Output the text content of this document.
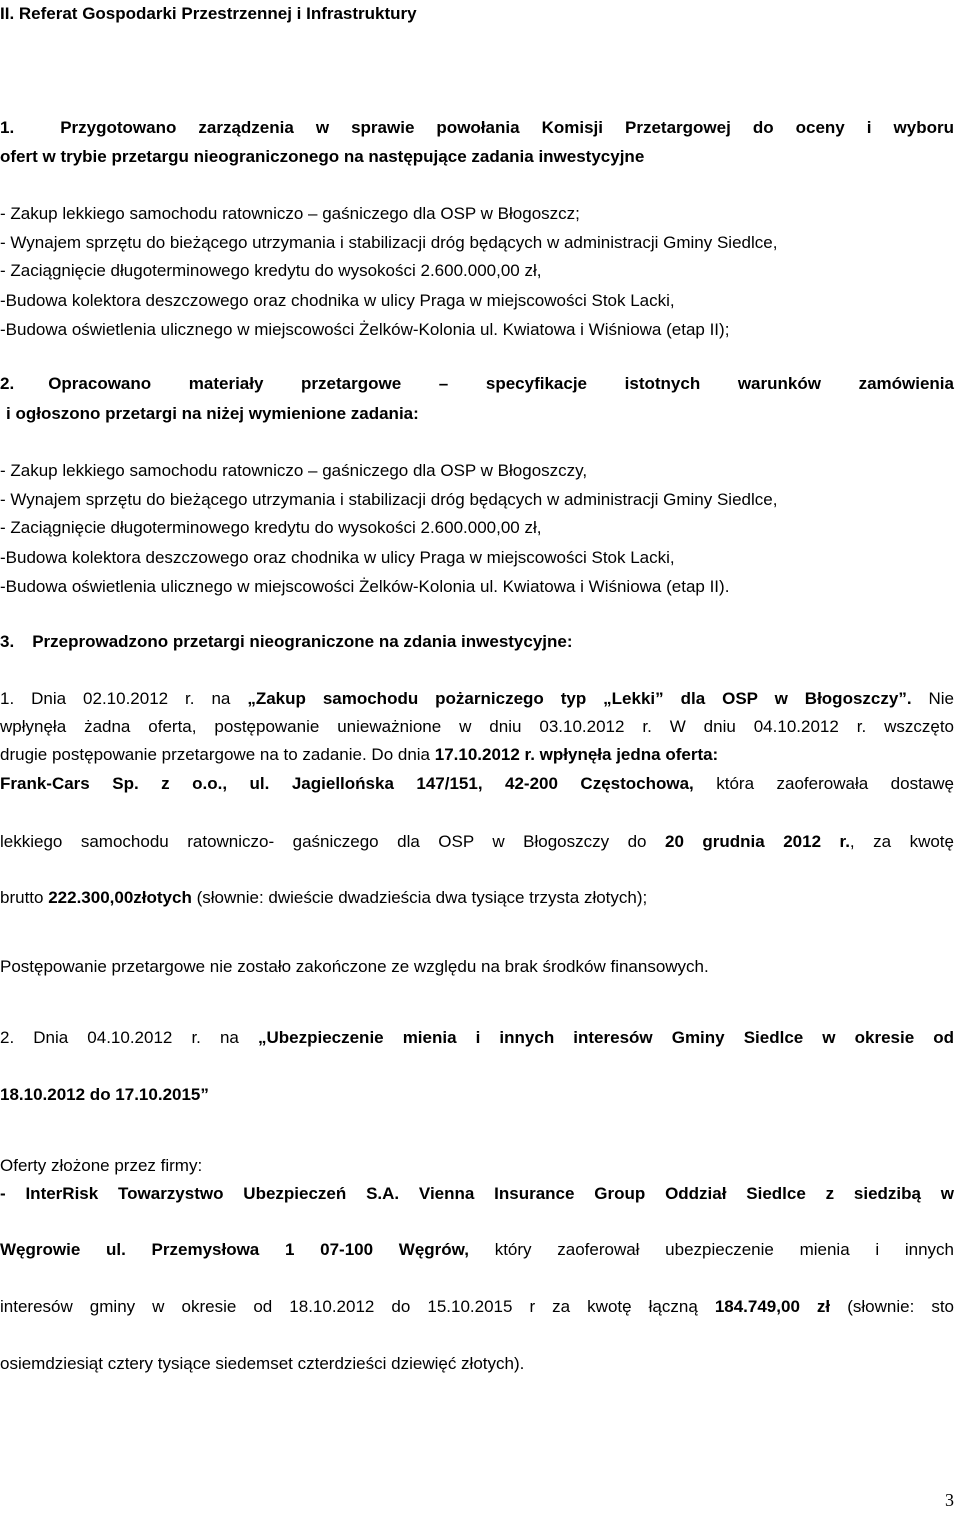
II. Referat Gospodarki Przestrzennej i Infrastruktury
1.	Przygotowano zarządzenia w sprawie powołania Komisji Przetargowej do oceny i wyboru
ofert w trybie przetargu nieograniczonego na następujące zadania inwestycyjne
- Zakup lekkiego samochodu ratowniczo – gaśniczego dla OSP w Błogoszcz;
- Wynajem sprzętu do bieżącego utrzymania i stabilizacji dróg będących w administracji Gminy Siedlce,
- Zaciągnięcie długoterminowego kredytu do wysokości 2.600.000,00 zł,
-Budowa kolektora deszczowego oraz chodnika w ulicy Praga w miejscowości Stok Lacki,
-Budowa oświetlenia ulicznego w miejscowości Żelków-Kolonia ul. Kwiatowa i Wiśniowa (etap II);
2. Opracowano materiały przetargowe – specyfikacje istotnych warunków zamówienia
i ogłoszono przetargi na niżej wymienione zadania:
- Zakup lekkiego samochodu ratowniczo – gaśniczego dla OSP w Błogoszczy,
- Wynajem sprzętu do bieżącego utrzymania i stabilizacji dróg będących w administracji Gminy Siedlce,
- Zaciągnięcie długoterminowego kredytu do wysokości 2.600.000,00 zł,
-Budowa kolektora deszczowego oraz chodnika w ulicy Praga w miejscowości Stok Lacki,
-Budowa oświetlenia ulicznego w miejscowości Żelków-Kolonia ul. Kwiatowa i Wiśniowa (etap II).
3. Przeprowadzono przetargi nieograniczone na zdania inwestycyjne:
1. Dnia 02.10.2012 r. na „Zakup samochodu pożarniczego typ „Lekki” dla OSP w Błogoszczy”. Nie
wpłynęła żadna oferta, postępowanie unieważnione w dniu 03.10.2012 r. W dniu 04.10.2012 r. wszczęto
drugie postępowanie przetargowe na to zadanie. Do dnia 17.10.2012 r. wpłynęła jedna oferta:
Frank-Cars Sp. z o.o., ul. Jagiellońska 147/151, 42-200 Częstochowa, która zaoferowała dostawę
lekkiego samochodu ratowniczo- gaśniczego dla OSP w Błogoszczy do 20 grudnia 2012 r., za kwotę
brutto 222.300,00złotych (słownie: dwieście dwadzieścia dwa tysiące trzysta złotych);
Postępowanie przetargowe nie zostało zakończone ze względu na brak środków finansowych.
2. Dnia 04.10.2012 r. na „Ubezpieczenie mienia i innych interesów Gminy Siedlce w okresie od
18.10.2012 do 17.10.2015”
Oferty złożone przez firmy:
- InterRisk Towarzystwo Ubezpieczeń S.A. Vienna Insurance Group Oddział Siedlce z siedzibą w
Węgrowie ul. Przemysłowa 1 07-100 Węgrów, który zaoferował ubezpieczenie mienia i innych
interesów gminy w okresie od 18.10.2012 do 15.10.2015 r za kwotę łączną 184.749,00 zł (słownie: sto
osiemdziesiąt cztery tysiące siedemset czterdzieści dziewięć złotych).
3
